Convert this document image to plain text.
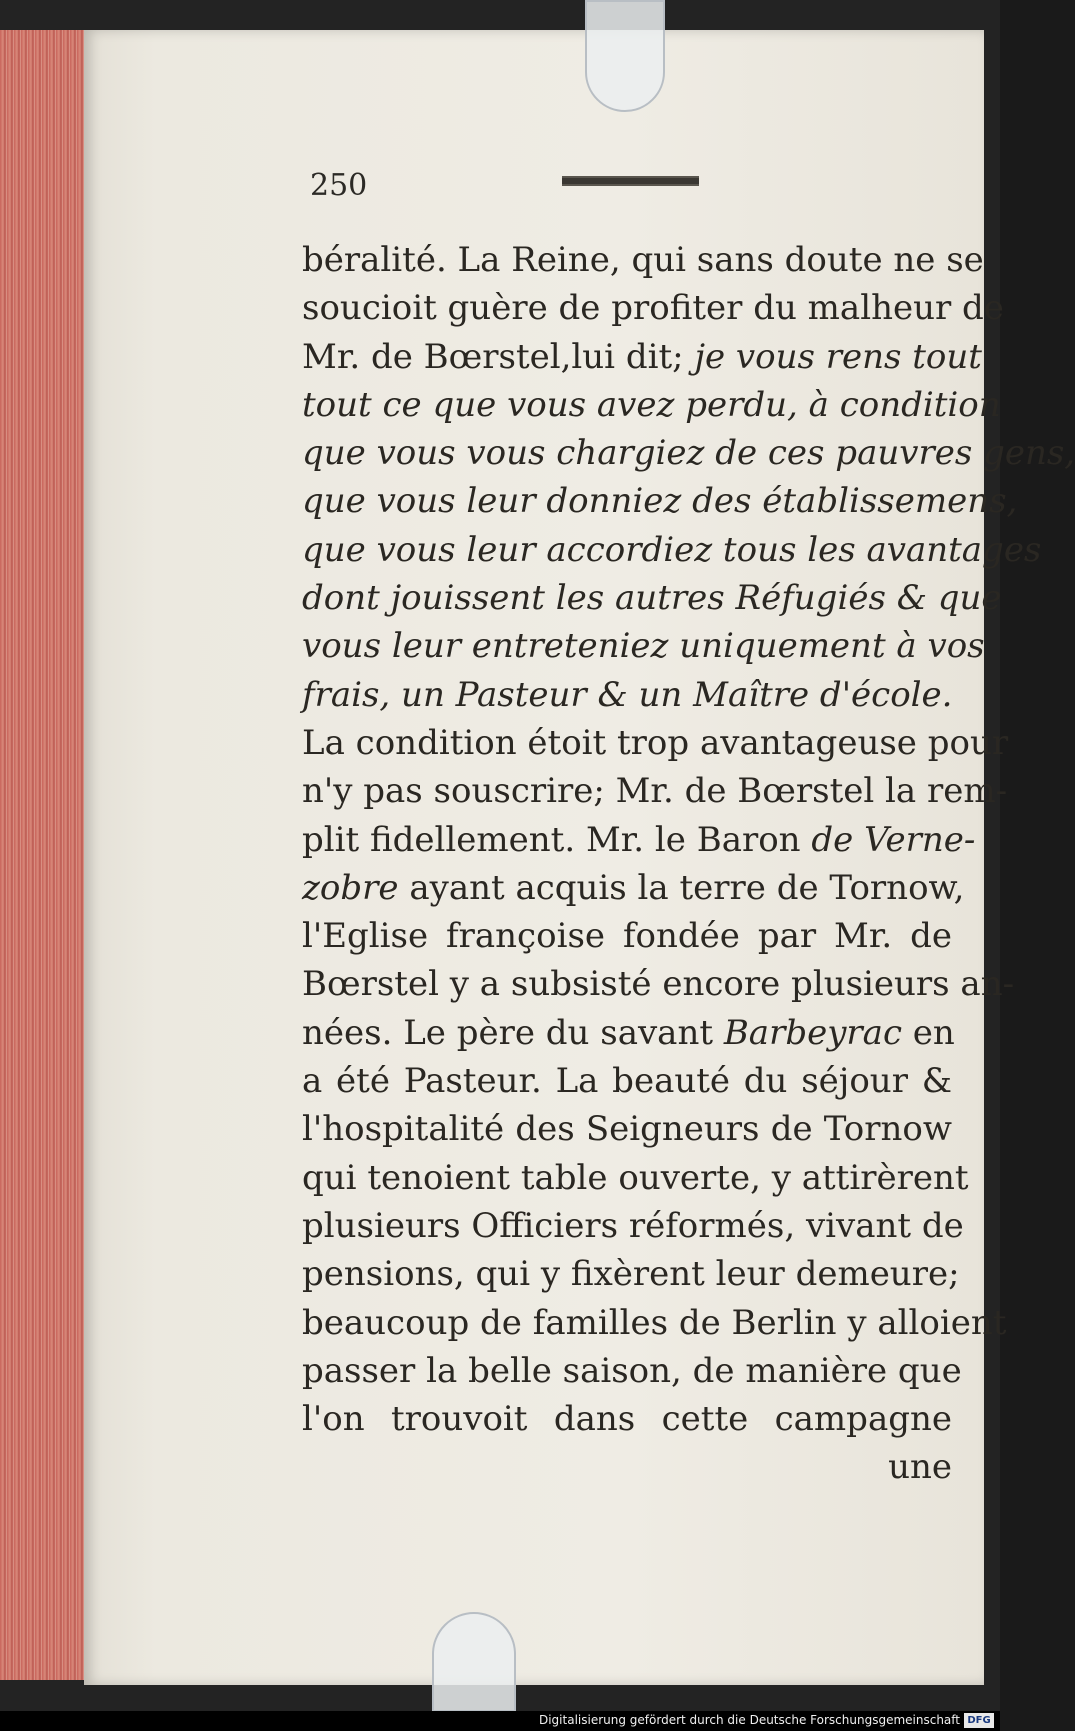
250
béralité. La Reine, qui sans doute ne se
soucioit guère de profiter du malheur de
Mr. de Bœrstel,lui dit; je vous rens tout
tout ce que vous avez perdu, à condition
que vous vous chargiez de ces pauvres gens,
que vous leur donniez des établissemens,
que vous leur accordiez tous les avantages
dont jouissent les autres Réfugiés & que
vous leur entreteniez uniquement à vos
frais, un Pasteur & un Maître d'école.
La condition étoit trop avantageuse pour
n'y pas souscrire; Mr. de Bœrstel la rem-
plit fidellement. Mr. le Baron de Verne-
zobre ayant acquis la terre de Tornow,
l'Eglise françoise fondée par Mr. de
Bœrstel y a subsisté encore plusieurs an-
nées. Le père du savant Barbeyrac en
a été Pasteur. La beauté du séjour &
l'hospitalité des Seigneurs de Tornow
qui tenoient table ouverte, y attirèrent
plusieurs Officiers réformés, vivant de
pensions, qui y fixèrent leur demeure;
beaucoup de familles de Berlin y alloient
passer la belle saison, de manière que
l'on trouvoit dans cette campagne
une
Digitalisierung gefördert durch die Deutsche Forschungsgemeinschaft DFG
